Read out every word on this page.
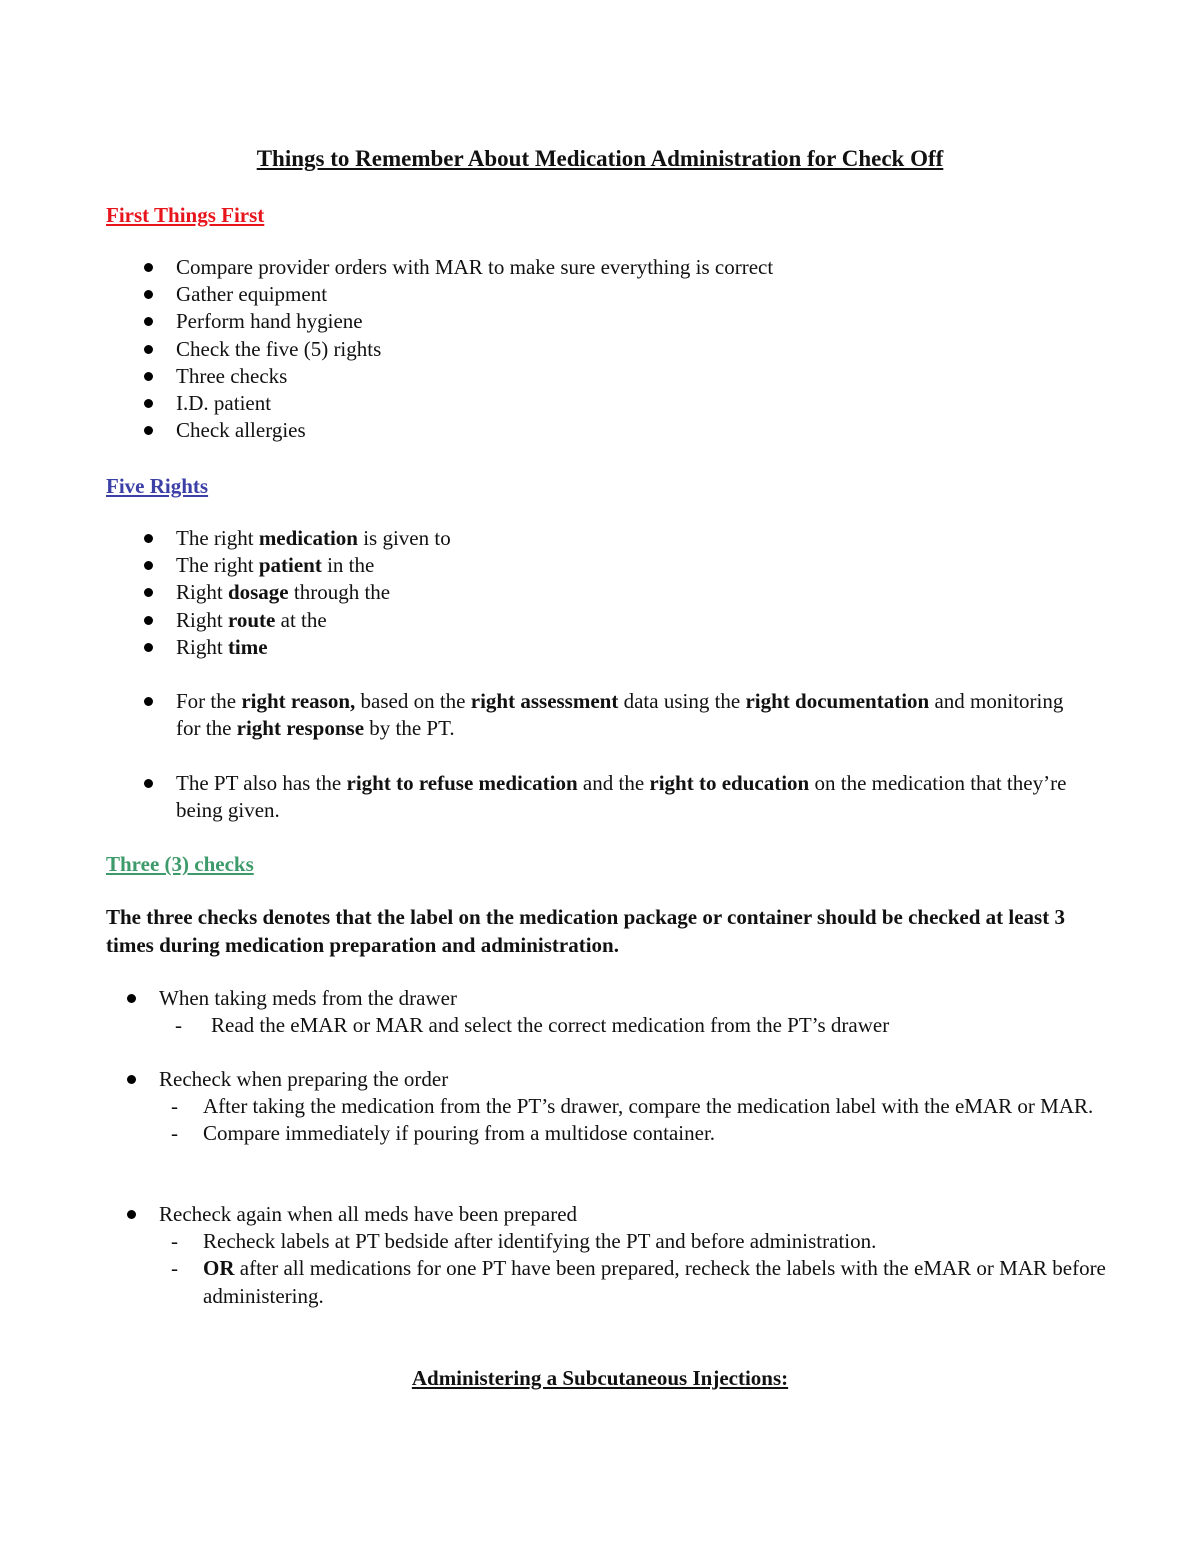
Things to Remember About Medication Administration for Check Off
First Things First
Compare provider orders with MAR to make sure everything is correct
Gather equipment
Perform hand hygiene
Check the five (5) rights
Three checks
I.D. patient
Check allergies
Five Rights
The right medication is given to
The right patient in the
Right dosage through the
Right route at the
Right time
For the right reason, based on the right assessment data using the right documentation and monitoring for the right response by the PT.
The PT also has the right to refuse medication and the right to education on the medication that they’re being given.
Three (3) checks
The three checks denotes that the label on the medication package or container should be checked at least 3 times during medication preparation and administration.
When taking meds from the drawer
- Read the eMAR or MAR and select the correct medication from the PT’s drawer
Recheck when preparing the order
- After taking the medication from the PT’s drawer, compare the medication label with the eMAR or MAR.
- Compare immediately if pouring from a multidose container.
Recheck again when all meds have been prepared
- Recheck labels at PT bedside after identifying the PT and before administration.
- OR after all medications for one PT have been prepared, recheck the labels with the eMAR or MAR before administering.
Administering a Subcutaneous Injections:
